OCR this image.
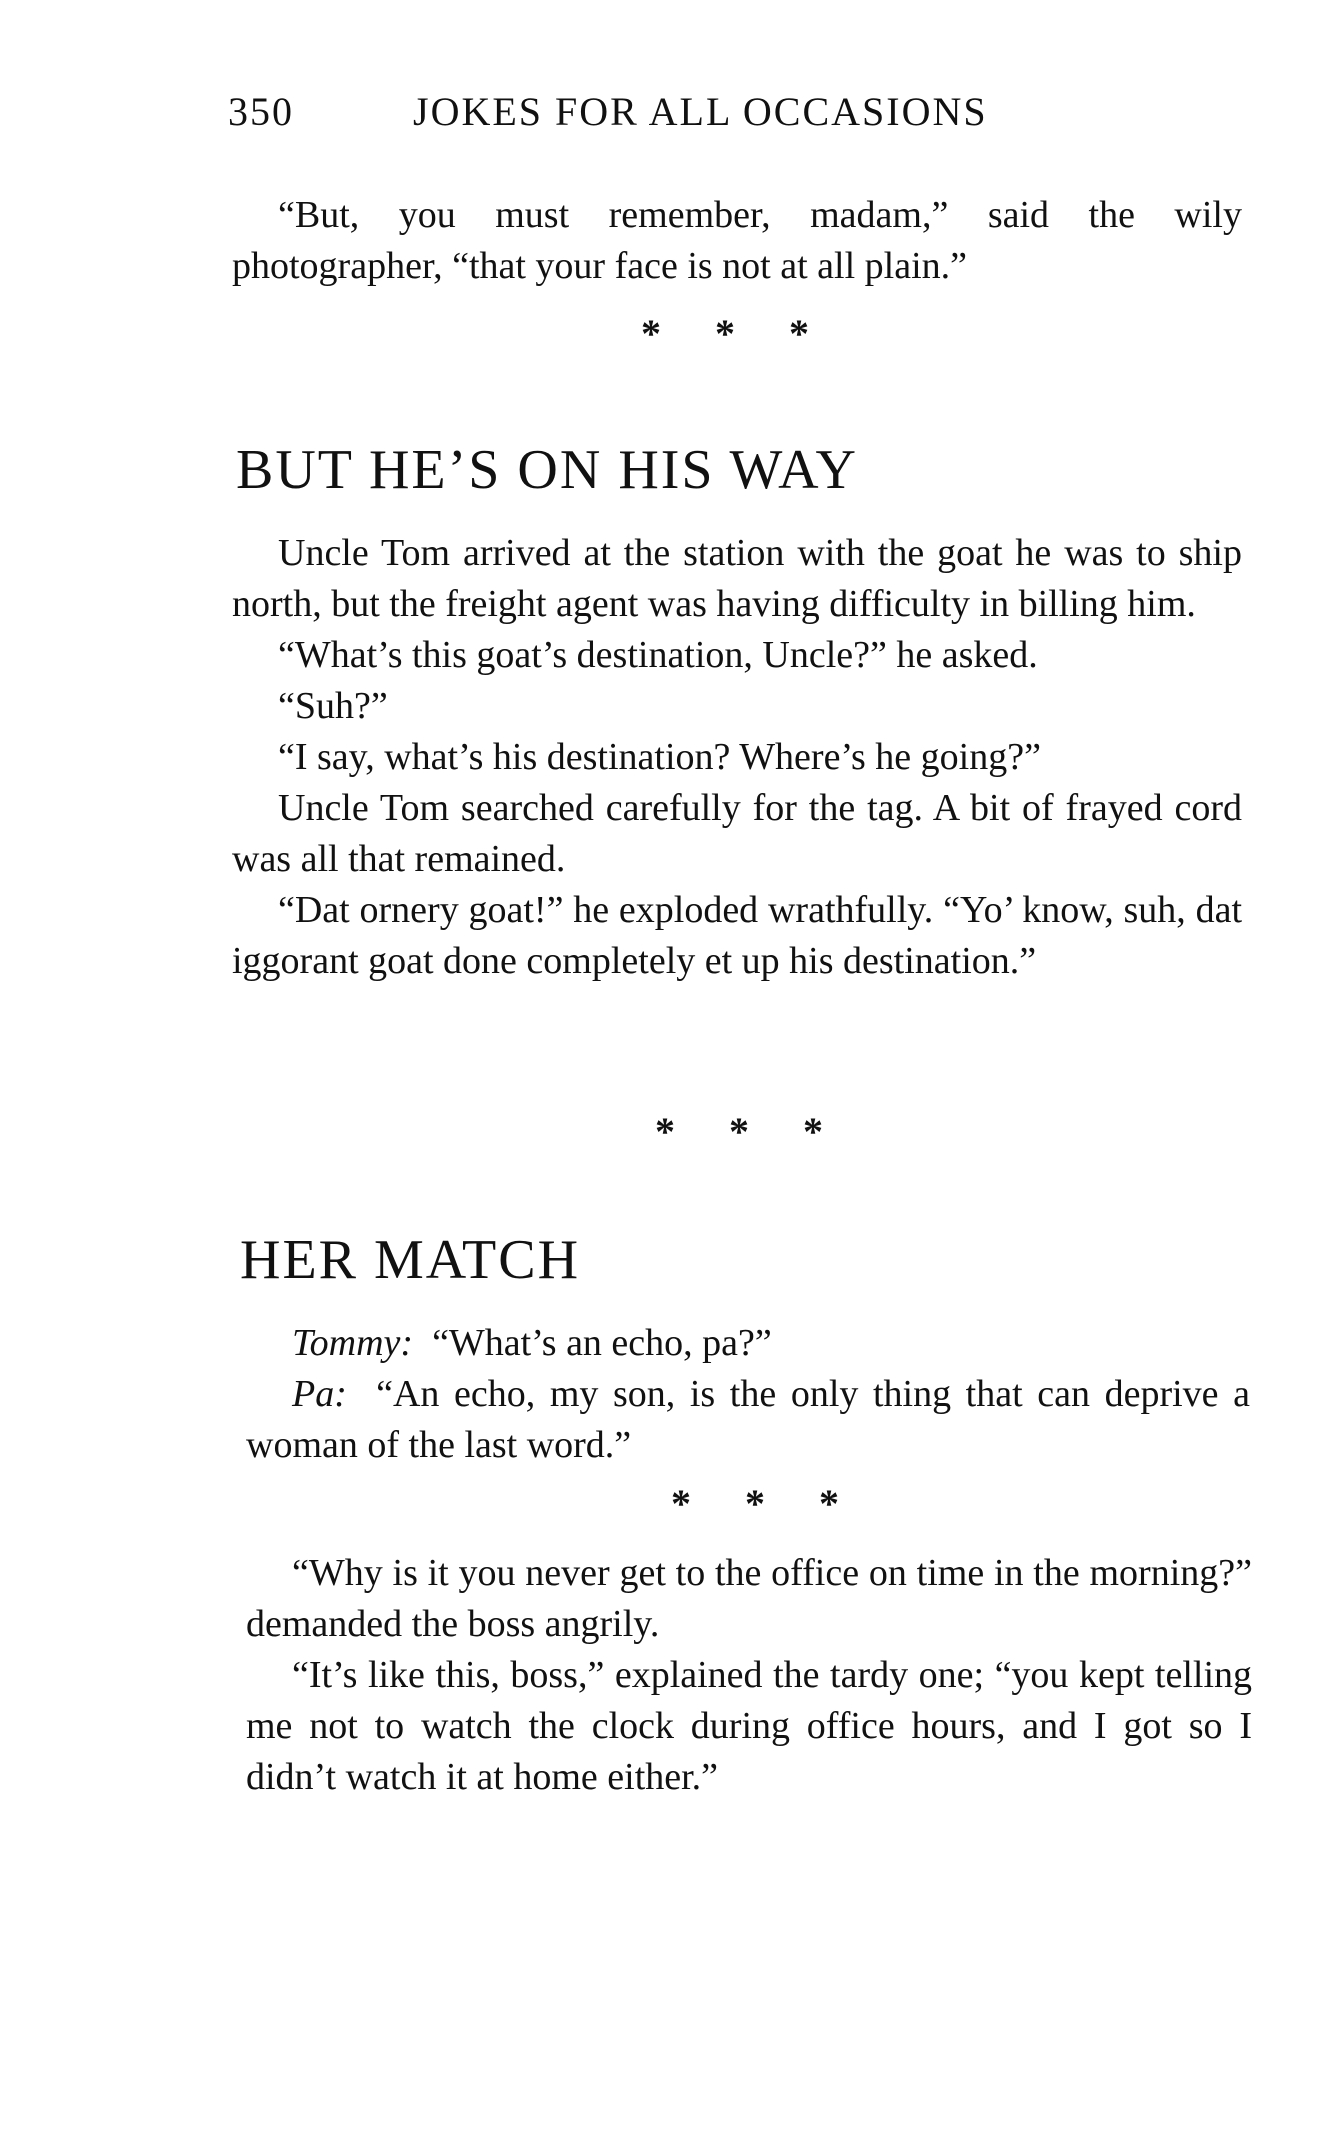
350	JOKES FOR ALL OCCASIONS

“But, you must remember, madam,” said the wily photographer, “that your face is not at all plain.”

* * *
BUT HE’S ON HIS WAY

Uncle Tom arrived at the station with the goat he was to ship north, but the freight agent was having difficulty in billing him.

“What’s this goat’s destination, Uncle?” he asked.

“Suh?”

“I say, what’s his destination? Where’s he going?”

Uncle Tom searched carefully for the tag. A bit of frayed cord was all that remained.

“Dat ornery goat!” he exploded wrathfully. “Yo’ know, suh, dat iggorant goat done completely et up his destination.”

* * *
HER MATCH

Tommy: “What’s an echo, pa?”

Pa: “An echo, my son, is the only thing that can deprive a woman of the last word.”

* * *

“Why is it you never get to the office on time in the morning?” demanded the boss angrily.

“It’s like this, boss,” explained the tardy one; “you kept telling me not to watch the clock during office hours, and I got so I didn’t watch it at home either.”
